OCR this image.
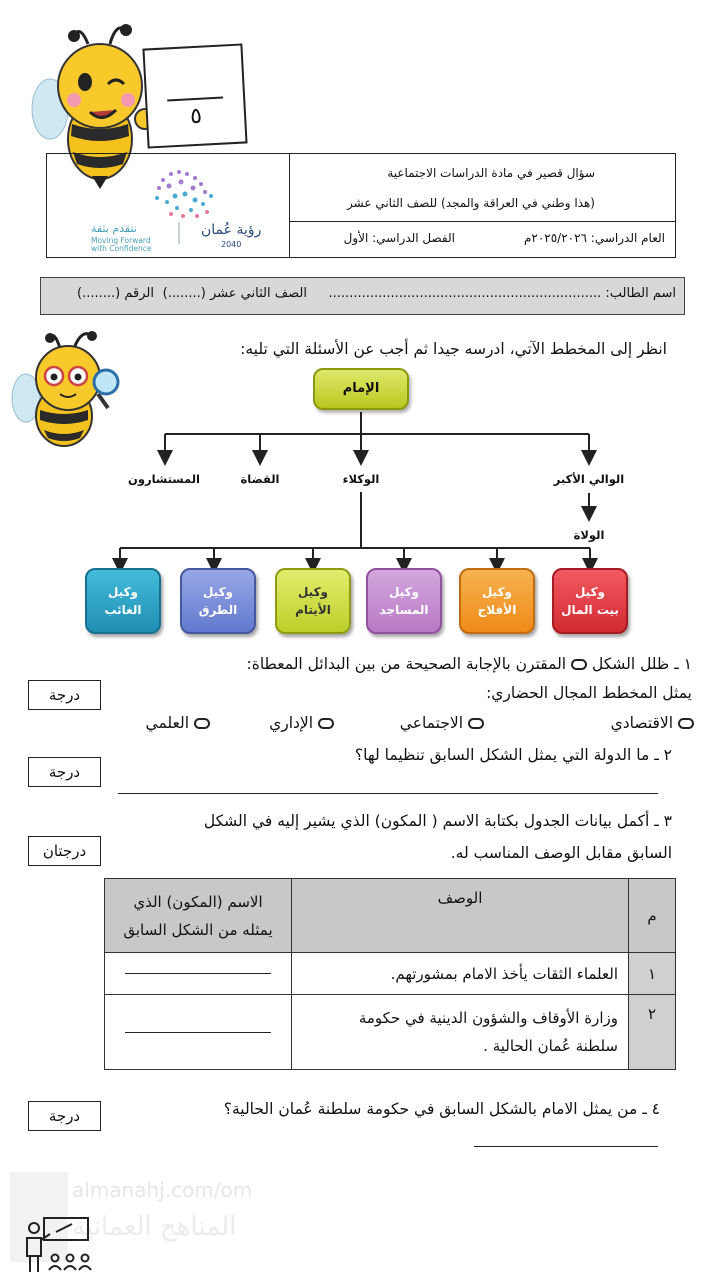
٥
سؤال قصير في مادة الدراسات الاجتماعية
(هذا وطني في العراقة والمجد) للصف الثاني عشر
العام الدراسي: ٢٠٢٥/٢٠٢٦م
الفصل الدراسي: الأول
رؤية عُمان
2040
نتقدم بثقة
Moving Forward
with Confidence
اسم الطالب: ..................................................................
الصف الثاني عشر (........)
الرقم (........)
انظر إلى المخطط الآتي، ادرسه جيدا ثم أجب عن الأسئلة التي تليه:
الإمام
الوالي الأكبر
الوكلاء
القضاة
المستشارون
الولاة
وكيل
بيت المال
وكيل
الأفلاج
وكيل
المساجد
وكيل
الأيتام
وكيل
الطرق
وكيل
الغائب
١ ـ ظلل الشكل  المقترن بالإجابة الصحيحة من بين البدائل المعطاة:
يمثل المخطط المجال الحضاري:
درجة
الاقتصادي
الاجتماعي
الإداري
العلمي
٢ ـ ما الدولة التي يمثل الشكل السابق تنظيما لها؟
درجة
٣ ـ أكمل بيانات الجدول بكتابة الاسم ( المكون) الذي يشير إليه في الشكل
السابق مقابل الوصف المناسب له.
درجتان
م	الوصف	الاسم (المكون) الذي
يمثله من الشكل السابق

١	العلماء الثقات يأخذ الامام بمشورتهم.	

٢	وزارة الأوقاف والشؤون الدينية في حكومة
سلطنة عُمان الحالية .	

٤ ـ من يمثل الامام بالشكل السابق في حكومة سلطنة عُمان الحالية؟
درجة
almanahj.com/om
المناهج العمانية
